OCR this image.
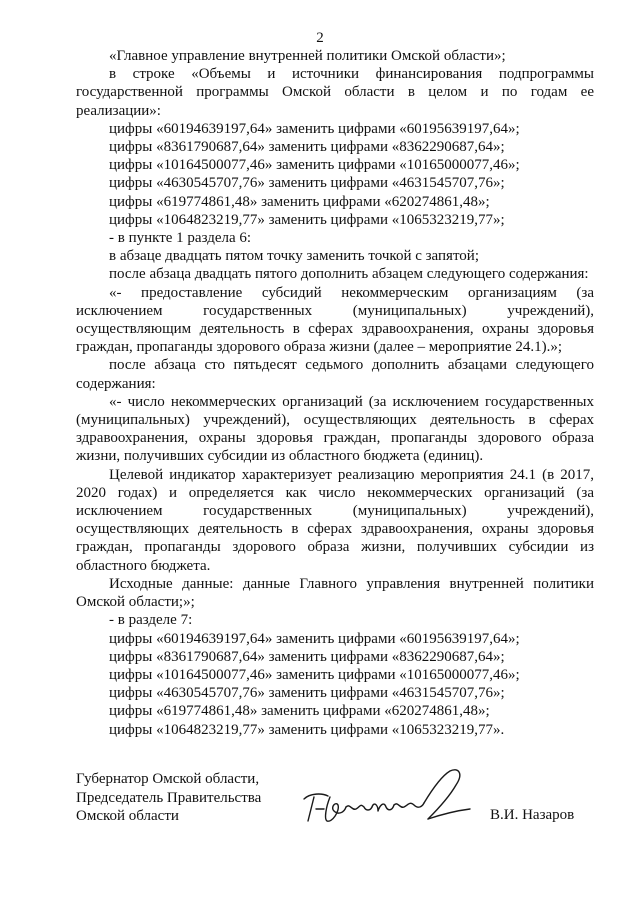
2

«Главное управление внутренней политики Омской области»;

в строке «Объемы и источники финансирования подпрограммы государственной программы Омской области в целом и по годам ее реализации»:

цифры «60194639197,64» заменить цифрами «60195639197,64»;

цифры «8361790687,64» заменить цифрами «8362290687,64»;

цифры «10164500077,46» заменить цифрами «10165000077,46»;

цифры «4630545707,76» заменить цифрами «4631545707,76»;

цифры «619774861,48» заменить цифрами «620274861,48»;

цифры «1064823219,77» заменить цифрами «1065323219,77»;

- в пункте 1 раздела 6:

в абзаце двадцать пятом точку заменить точкой с запятой;

после абзаца двадцать пятого дополнить абзацем следующего содержания:

«- предоставление субсидий некоммерческим организациям (за исключением государственных (муниципальных) учреждений), осуществляющим деятельность в сферах здравоохранения, охраны здоровья граждан, пропаганды здорового образа жизни (далее – мероприятие 24.1).»;

после абзаца сто пятьдесят седьмого дополнить абзацами следующего содержания:

«- число некоммерческих организаций (за исключением государственных (муниципальных) учреждений), осуществляющих деятельность в сферах здравоохранения, охраны здоровья граждан, пропаганды здорового образа жизни, получивших субсидии из областного бюджета (единиц).

Целевой индикатор характеризует реализацию мероприятия 24.1 (в 2017, 2020 годах) и определяется как число некоммерческих организаций (за исключением государственных (муниципальных) учреждений), осуществляющих деятельность в сферах здравоохранения, охраны здоровья граждан, пропаганды здорового образа жизни, получивших субсидии из областного бюджета.

Исходные данные: данные Главного управления внутренней политики Омской области;»;

- в разделе 7:

цифры «60194639197,64» заменить цифрами «60195639197,64»;

цифры «8361790687,64» заменить цифрами «8362290687,64»;

цифры «10164500077,46» заменить цифрами «10165000077,46»;

цифры «4630545707,76» заменить цифрами «4631545707,76»;

цифры «619774861,48» заменить цифрами «620274861,48»;

цифры «1064823219,77» заменить цифрами «1065323219,77».

Губернатор Омской области,
Председатель Правительства
Омской области	В.И. Назаров
